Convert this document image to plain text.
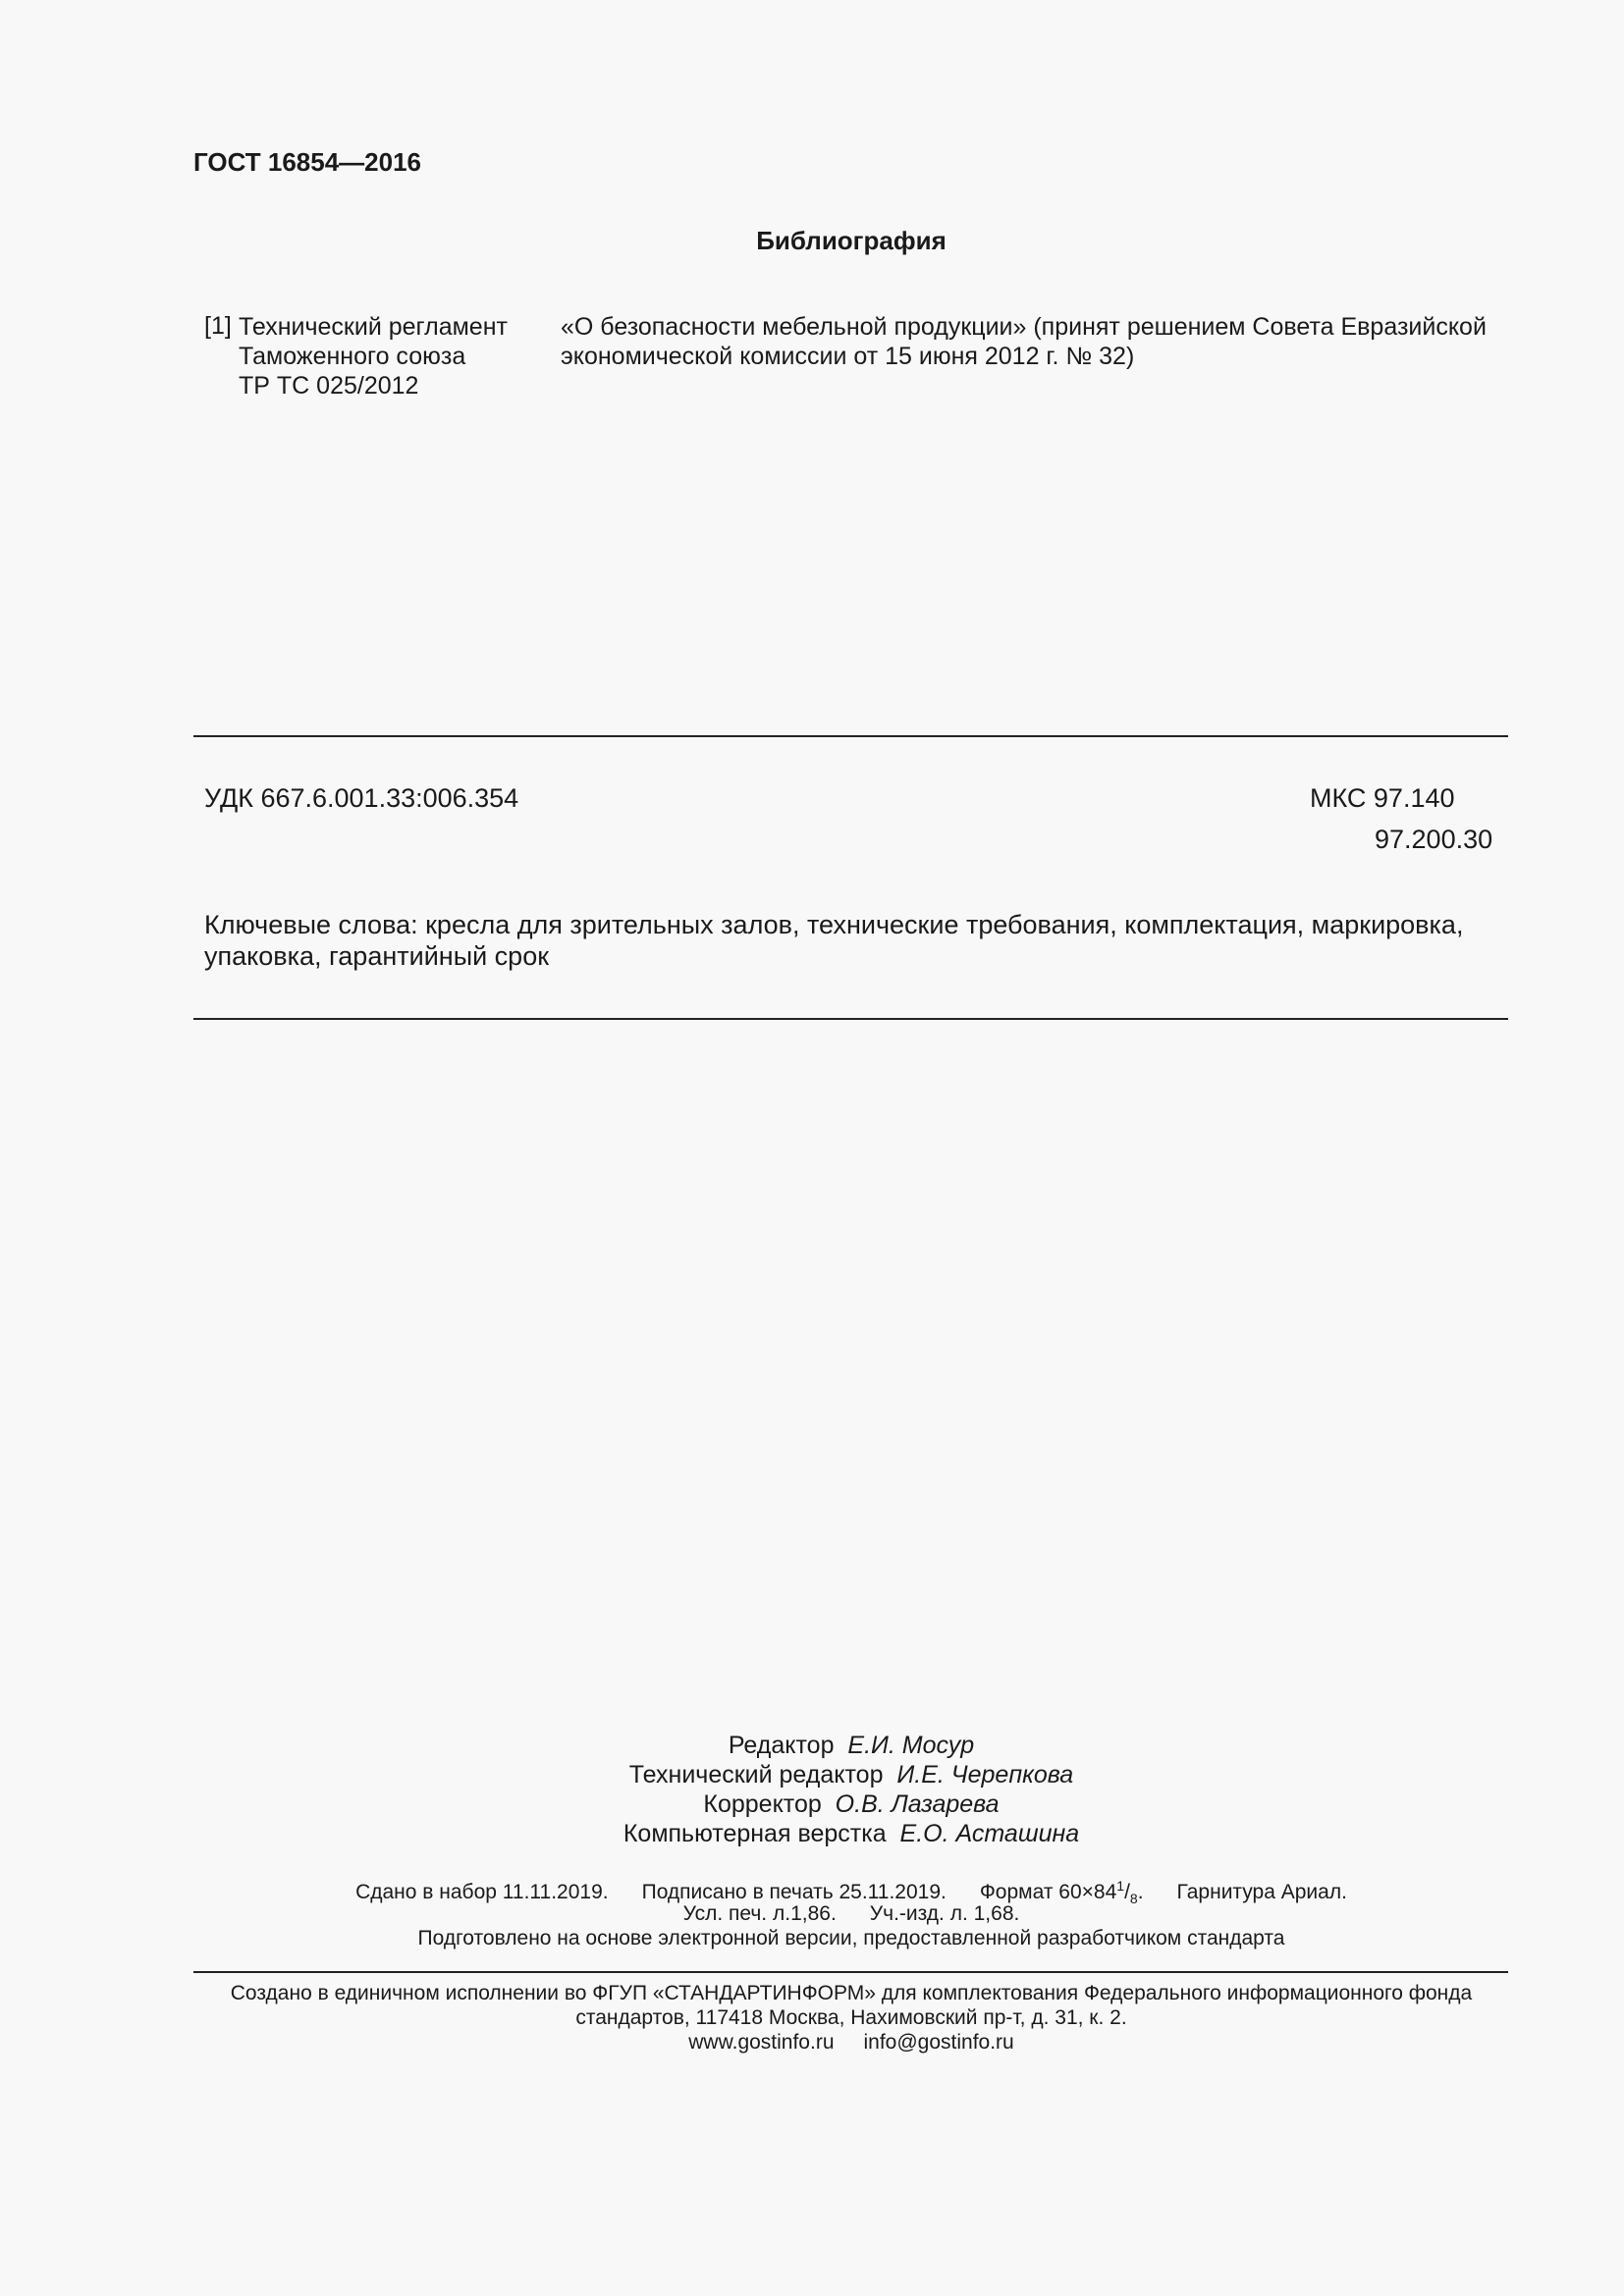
ГОСТ 16854—2016
Библиография
[1] Технический регламент
Таможенного союза
ТР ТС 025/2012
«О безопасности мебельной продукции» (принят решением Совета Евразийской
экономической комиссии от 15 июня 2012 г. № 32)
УДК 667.6.001.33:006.354	МКС 97.140
97.200.30
Ключевые слова: кресла для зрительных залов, технические требования, комплектация, маркировка, упаковка, гарантийный срок
Редактор Е.И. Мосур
Технический редактор И.Е. Черепкова
Корректор О.В. Лазарева
Компьютерная верстка Е.О. Асташина
Сдано в набор 11.11.2019. Подписано в печать 25.11.2019. Формат $60\times 84^1/_8$. Гарнитура Ариал.
Усл. печ. л.1,86. Уч.-изд. л. 1,68.
Подготовлено на основе электронной версии, предоставленной разработчиком стандарта
Создано в единичном исполнении во ФГУП «СТАНДАРТИНФОРМ» для комплектования Федерального информационного фонда
стандартов, 117418 Москва, Нахимовский пр-т, д. 31, к. 2.
www.gostinfo.ru info@gostinfo.ru
